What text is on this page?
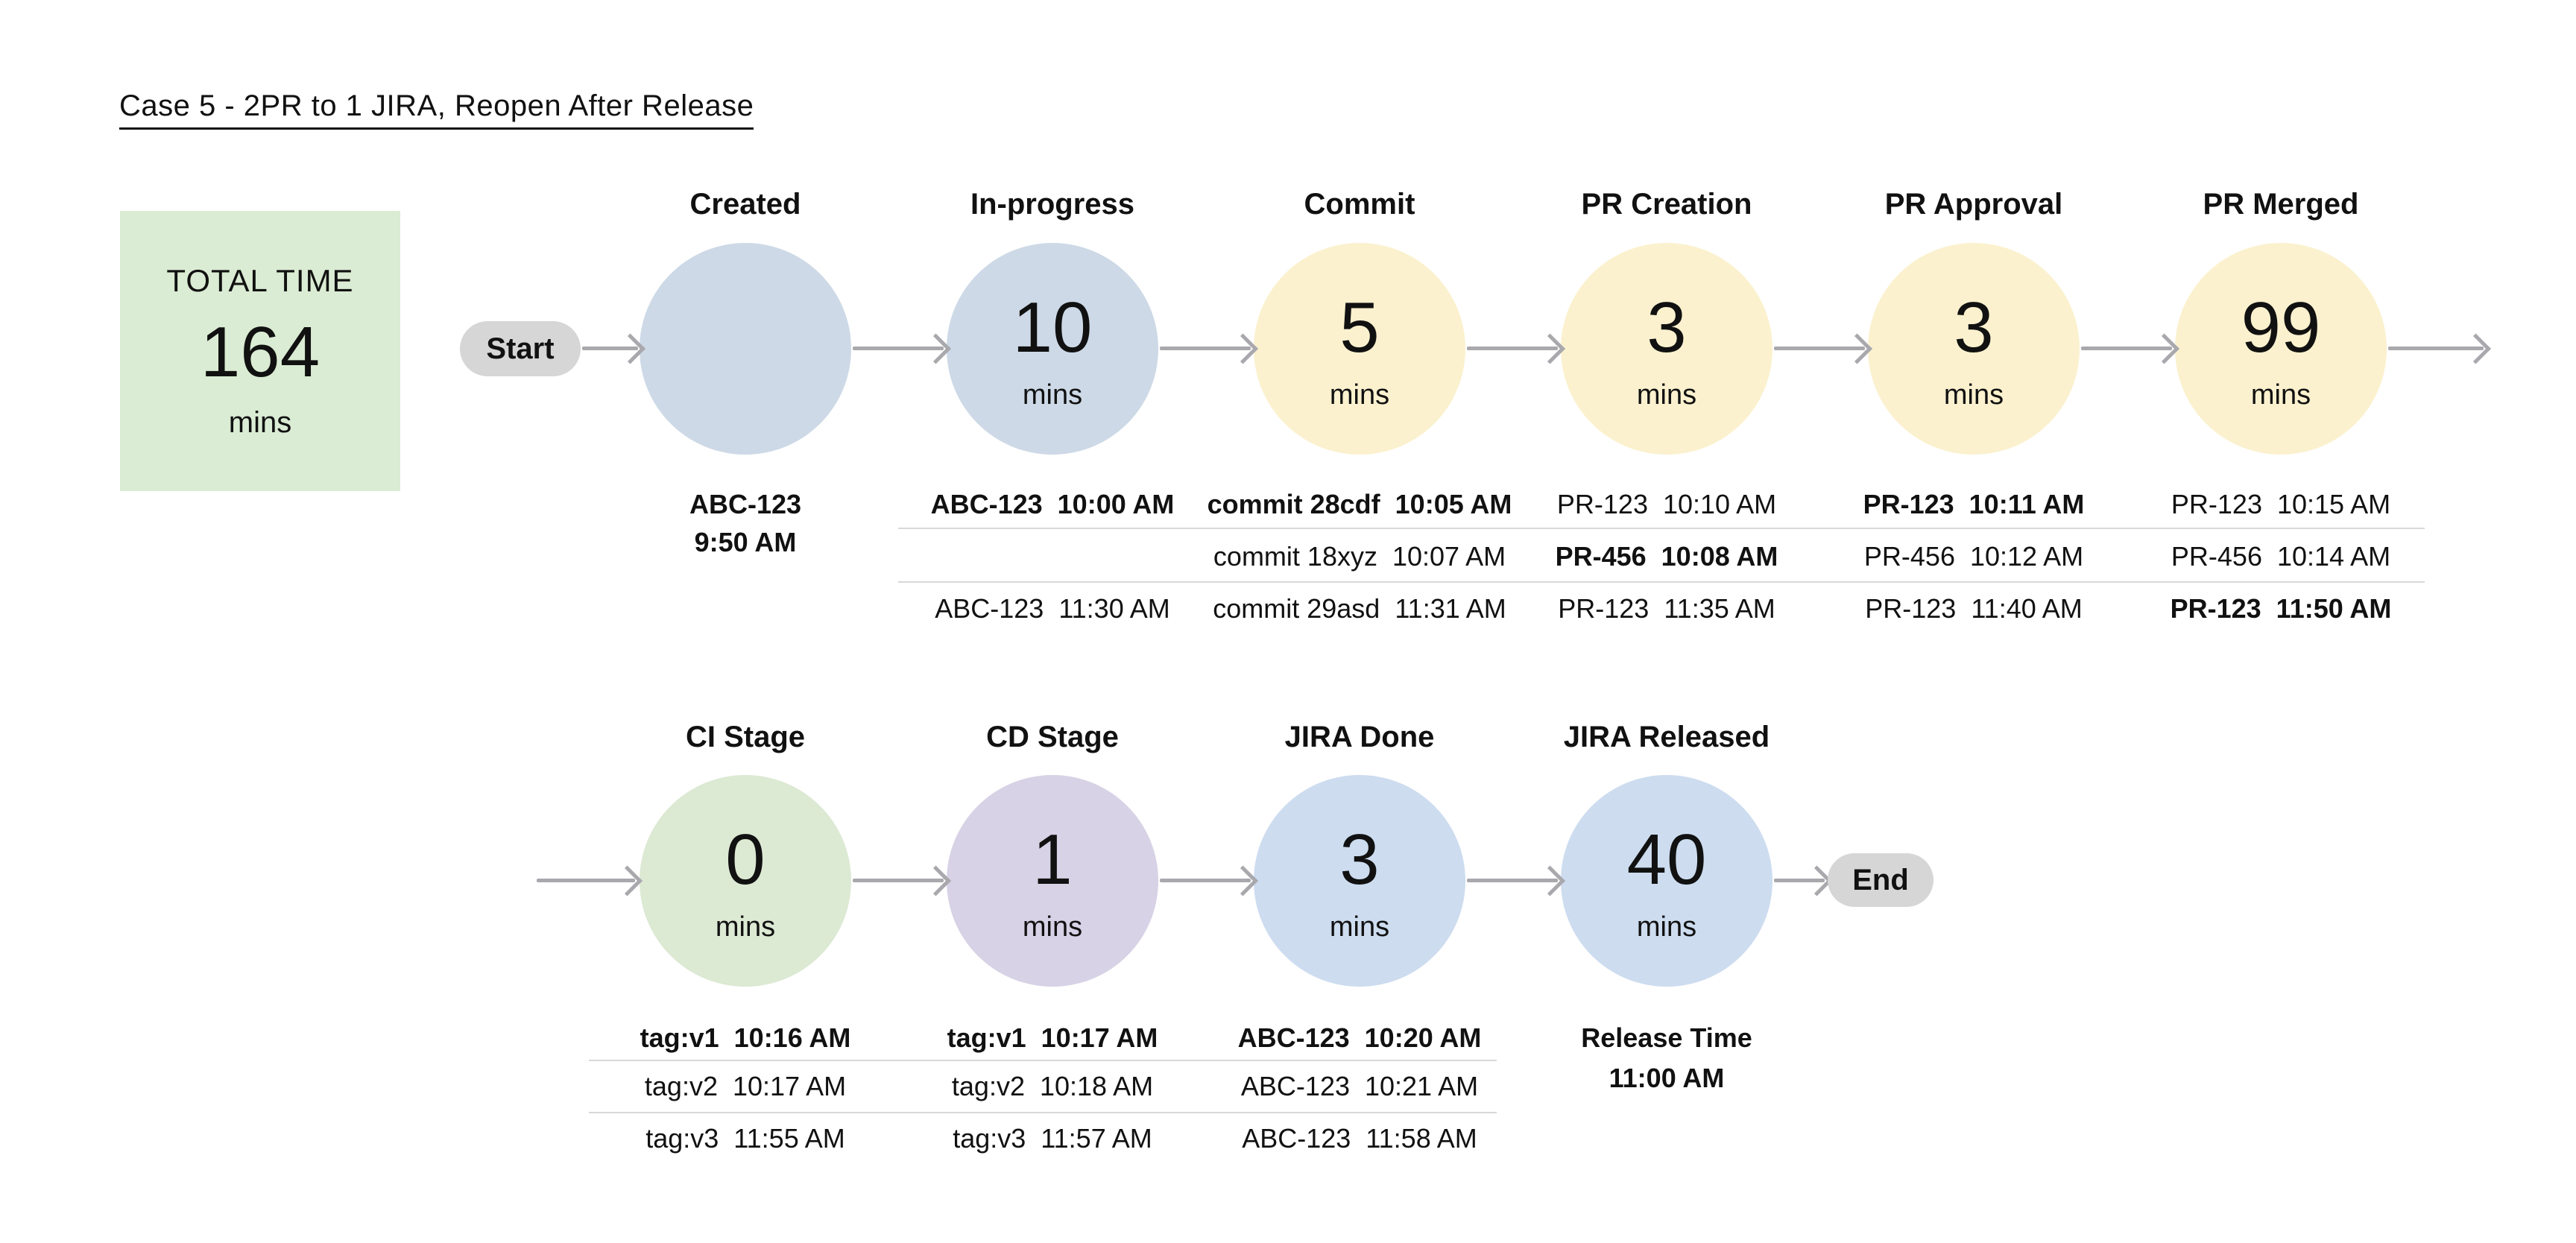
Case 5 - 2PR to 1 JIRA, Reopen After Release
TOTAL TIME
164
mins
Created	In-progress
10
mins
Commit
5
mins
PR Creation
3
mins
PR Approval
3
mins
PR Merged
99
mins
Start
ABC-123
9:50 AM
ABC-123  10:00 AM
ABC-123  11:30 AM
commit 28cdf  10:05 AM
commit 18xyz  10:07 AM
commit 29asd  11:31 AM
PR-123  10:10 AM
PR-456  10:08 AM
PR-123  11:35 AM
PR-123  10:11 AM
PR-456  10:12 AM
PR-123  11:40 AM
PR-123  10:15 AM
PR-456  10:14 AM
PR-123  11:50 AM
CI Stage
0
mins
CD Stage
1
mins
JIRA Done
3
mins
JIRA Released
40
mins
End
tag:v1  10:16 AM
tag:v2  10:17 AM
tag:v3  11:55 AM
tag:v1  10:17 AM
tag:v2  10:18 AM
tag:v3  11:57 AM
ABC-123  10:20 AM
ABC-123  10:21 AM
ABC-123  11:58 AM
Release Time
11:00 AM
